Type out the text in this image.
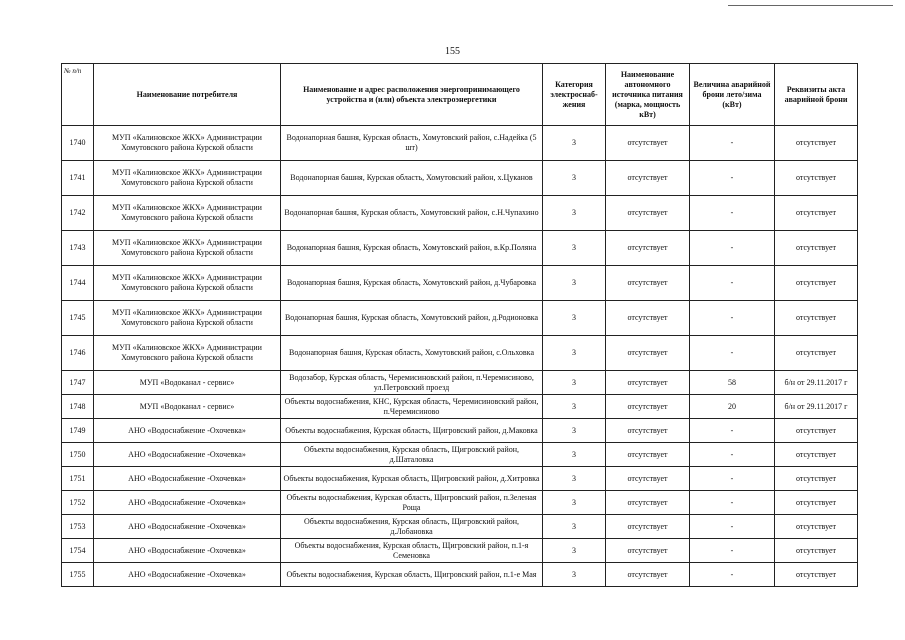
155
№ п/п	Наименование потребителя	Наименование и адрес расположения энергопринимающего устройства и (или) объекта электроэнергетики	Категория электроснаб-жения	Наименование автономного источника питания (марка, мощность кВт)	Величина аварийной брони лето/зима (кВт)	Реквизиты акта аварийной брони
1740	МУП «Калиновское ЖКХ» Администрации Хомутовского района Курской области	Водонапорная башня, Курская область, Хомутовский район, с.Надейка (5 шт)	3	отсутствует	-	отсутствует
1741	МУП «Калиновское ЖКХ» Администрации Хомутовского района Курской области	Водонапорная башня, Курская область, Хомутовский район, х.Цуканов	3	отсутствует	-	отсутствует
1742	МУП «Калиновское ЖКХ» Администрации Хомутовского района Курской области	Водонапорная башня, Курская область, Хомутовский район, с.Н.Чупахино	3	отсутствует	-	отсутствует
1743	МУП «Калиновское ЖКХ» Администрации Хомутовского района Курской области	Водонапорная башня, Курская область, Хомутовский район, в.Кр.Поляна	3	отсутствует	-	отсутствует
1744	МУП «Калиновское ЖКХ» Администрации Хомутовского района Курской области	Водонапорная башня, Курская область, Хомутовский район, д.Чубаровка	3	отсутствует	-	отсутствует
1745	МУП «Калиновское ЖКХ» Администрации Хомутовского района Курской области	Водонапорная башня, Курская область, Хомутовский район, д.Родионовка	3	отсутствует	-	отсутствует
1746	МУП «Калиновское ЖКХ» Администрации Хомутовского района Курской области	Водонапорная башня, Курская область, Хомутовский район, с.Ольховка	3	отсутствует	-	отсутствует
1747	МУП «Водоканал - сервис»	Водозабор, Курская область, Черемисиновский район, п.Черемисиново, ул.Петровский проезд	3	отсутствует	58	б/н от 29.11.2017 г
1748	МУП «Водоканал - сервис»	Объекты водоснабжения, КНС, Курская область, Черемисиновский район, п.Черемисиново	3	отсутствует	20	б/н от 29.11.2017 г
1749	АНО «Водоснабжение -Охочевка»	Объекты водоснабжения, Курская область, Щигровский район, д.Маковка	3	отсутствует	-	отсутствует
1750	АНО «Водоснабжение -Охочевка»	Объекты водоснабжения, Курская область, Щигровский район, д.Шаталовка	3	отсутствует	-	отсутствует
1751	АНО «Водоснабжение -Охочевка»	Объекты водоснабжения, Курская область, Щигровский район, д.Хитровка	3	отсутствует	-	отсутствует
1752	АНО «Водоснабжение -Охочевка»	Объекты водоснабжения, Курская область, Щигровский район, п.Зеленая Роща	3	отсутствует	-	отсутствует
1753	АНО «Водоснабжение -Охочевка»	Объекты водоснабжения, Курская область, Щигровский район, д.Лобановка	3	отсутствует	-	отсутствует
1754	АНО «Водоснабжение -Охочевка»	Объекты водоснабжения, Курская область, Щигровский район, п.1-я Семеновка	3	отсутствует	-	отсутствует
1755	АНО «Водоснабжение -Охочевка»	Объекты водоснабжения, Курская область, Щигровский район, п.1-е Мая	3	отсутствует	-	отсутствует
